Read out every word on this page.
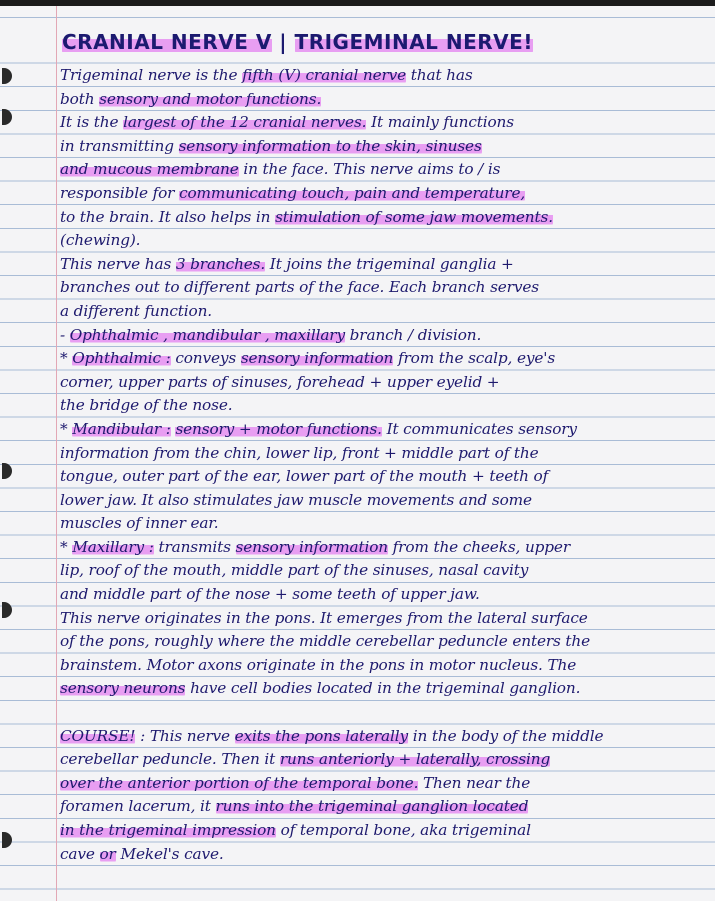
CRANIAL NERVE V | TRIGEMINAL NERVE!
Trigeminal nerve is the fifth (V) cranial nerve that has
both sensory and motor functions.
It is the largest of the 12 cranial nerves. It mainly functions
in transmitting sensory information to the skin, sinuses
and mucous membrane in the face. This nerve aims to / is
responsible for communicating touch, pain and temperature,
to the brain. It also helps in stimulation of some jaw movements.
(chewing).
This nerve has 3 branches. It joins the trigeminal ganglia +
branches out to different parts of the face. Each branch serves
a different function.
- Ophthalmic , mandibular , maxillary branch / division.
* Ophthalmic : conveys sensory information from the scalp, eye's
corner, upper parts of sinuses, forehead + upper eyelid +
the bridge of the nose.
* Mandibular : sensory + motor functions. It communicates sensory
information from the chin, lower lip, front + middle part of the
tongue, outer part of the ear, lower part of the mouth + teeth of
lower jaw. It also stimulates jaw muscle movements and some
muscles of inner ear.
* Maxillary : transmits sensory information from the cheeks, upper
lip, roof of the mouth, middle part of the sinuses, nasal cavity
and middle part of the nose + some teeth of upper jaw.
This nerve originates in the pons. It emerges from the lateral surface
of the pons, roughly where the middle cerebellar peduncle enters the
brainstem. Motor axons originate in the pons in motor nucleus. The
sensory neurons have cell bodies located in the trigeminal ganglion.
COURSE! : This nerve exits the pons laterally in the body of the middle
cerebellar peduncle. Then it runs anteriorly + laterally, crossing
over the anterior portion of the temporal bone. Then near the
foramen lacerum, it runs into the trigeminal ganglion located
in the trigeminal impression of temporal bone, aka trigeminal
cave or Mekel's cave.
